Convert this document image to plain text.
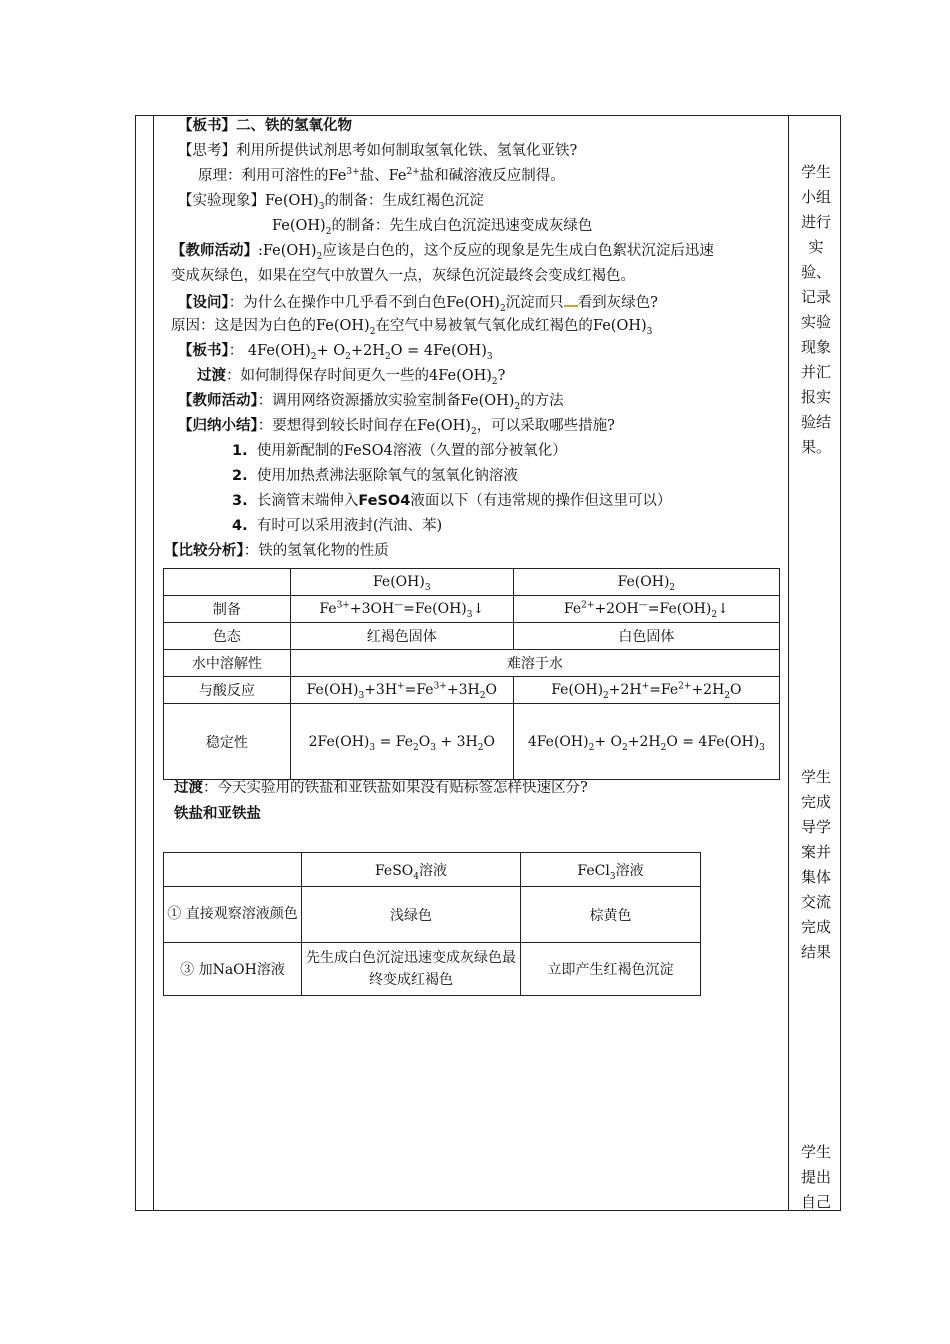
【板书】二、铁的氢氧化物
【思考】利用所提供试剂思考如何制取氢氧化铁、氢氧化亚铁?
原理：利用可溶性的$Fe^{3+}$盐、$Fe^{2+}$盐和碱溶液反应制得。
【实验现象】$Fe(OH)_3$的制备：生成红褐色沉淀
$Fe(OH)_2$的制备：先生成白色沉淀迅速变成灰绿色
【教师活动】$:Fe(OH)_2$应该是白色的，这个反应的现象是先生成白色絮状沉淀后迅速
变成灰绿色，如果在空气中放置久一点，灰绿色沉淀最终会变成红褐色。
【设问】：为什么在操作中几乎看不到白色$Fe(OH)_2$沉淀而只 看到灰绿色?
原因：这是因为白色的$Fe(OH)_2$在空气中易被氧气氧化成红褐色的$Fe(OH)_3$
【板书】： $4Fe(OH)_2+ O_2+2H_2O = 4Fe(OH)_3$
过渡：如何制得保存时间更久一些的$4Fe(OH)_2$?
【教师活动】：调用网络资源播放实验室制备$Fe(OH)_2$的方法
【归纳小结】：要想得到较长时间存在$Fe(OH)_2$，可以采取哪些措施?
1. 使用新配制的FeSO4溶液（久置的部分被氧化）
2. 使用加热煮沸法驱除氧气的氢氧化钠溶液
3. 长滴管末端伸入FeSO4液面以下（有违常规的操作但这里可以）
4. 有时可以采用液封(汽油、苯)
【比较分析】：铁的氢氧化物的性质
	$Fe(OH)_3$	$Fe(OH)_2$
制备	$Fe^{3+}+3OH^—=Fe(OH)_3↓$	$Fe^{2+}+2OH^—=Fe(OH)_2↓$
色态	红褐色固体	白色固体
水中溶解性	难溶于水	
与酸反应	$Fe(OH)_3+3H^+=Fe^{3+}+3H_2O$	$Fe(OH)_2+2H^+=Fe^{2+}+2H_2O$
稳定性	$2Fe(OH)_3 = Fe_2O_3 + 3H_2O$	$4Fe(OH)_2+ O_2+2H_2O = 4Fe(OH)_3$
过渡：今天实验用的铁盐和亚铁盐如果没有贴标签怎样快速区分?
铁盐和亚铁盐
	FeSO$_4$溶液	FeCl$_3$溶液
① 直接观察溶液颜色	浅绿色	棕黄色
③ 加NaOH溶液	先生成白色沉淀迅速变成灰绿色最终变成红褐色	立即产生红褐色沉淀
学生小组进行实验、记录实验现象并汇报实验结果。
学生完成导学案并集体交流完成结果
学生提出自己
